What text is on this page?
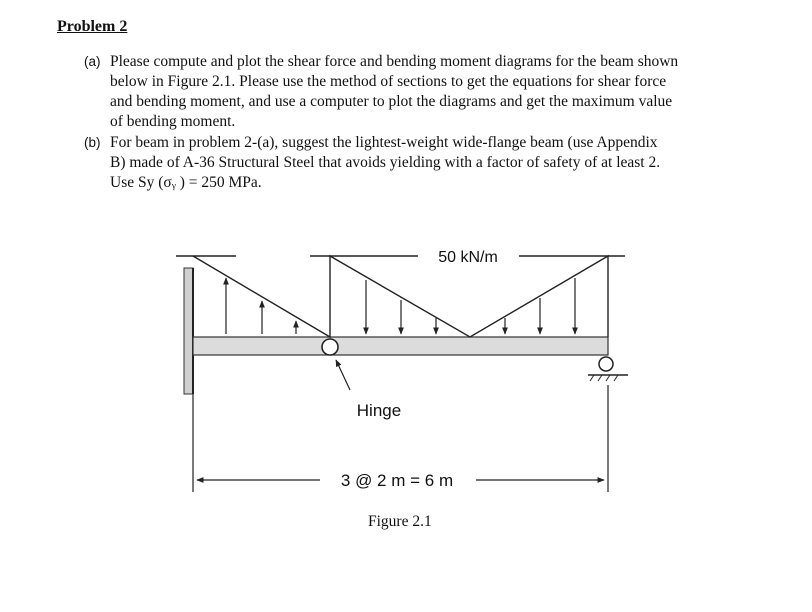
Problem 2
(a) Please compute and plot the shear force and bending moment diagrams for the beam shown
below in Figure 2.1. Please use the method of sections to get the equations for shear force
and bending moment, and use a computer to plot the diagrams and get the maximum value
of bending moment.
(b) For beam in problem 2-(a), suggest the lightest-weight wide-flange beam (use Appendix
B) made of A-36 Structural Steel that avoids yielding with a factor of safety of at least 2.
Use Sy (σᵧ ) = 250 MPa.
50 kN/m
Hinge
3 @ 2 m = 6 m
Figure 2.1
